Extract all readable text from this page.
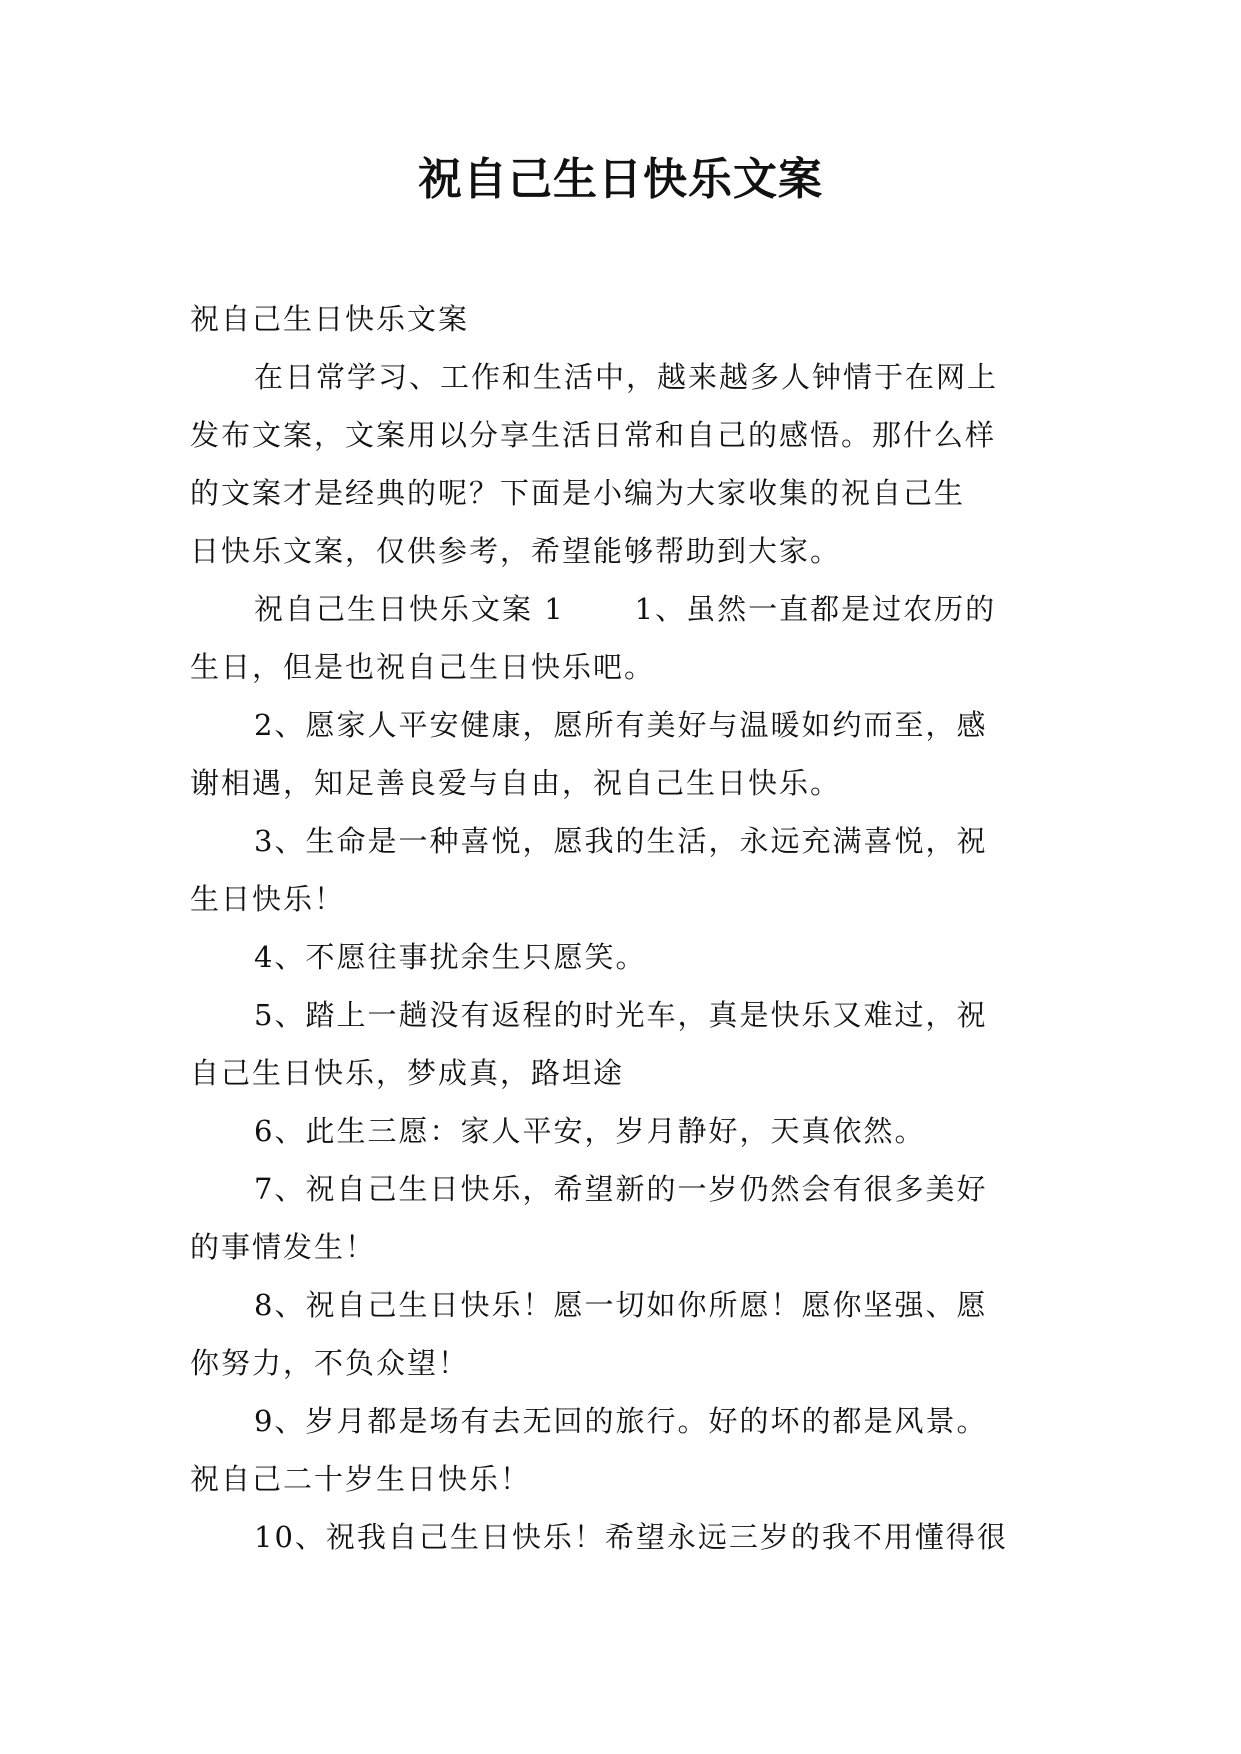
祝自己生日快乐文案

祝自己生日快乐文案

在日常学习、工作和生活中，越来越多人钟情于在网上

发布文案，文案用以分享生活日常和自己的感悟。那什么样

的文案才是经典的呢？下面是小编为大家收集的祝自己生

日快乐文案，仅供参考，希望能够帮助到大家。

祝自己生日快乐文案 1 1、虽然一直都是过农历的

生日，但是也祝自己生日快乐吧。

2、愿家人平安健康，愿所有美好与温暖如约而至，感

谢相遇，知足善良爱与自由，祝自己生日快乐。

3、生命是一种喜悦，愿我的生活，永远充满喜悦，祝

生日快乐！

4、不愿往事扰余生只愿笑。

5、踏上一趟没有返程的时光车，真是快乐又难过，祝

自己生日快乐，梦成真，路坦途

6、此生三愿：家人平安，岁月静好，天真依然。

7、祝自己生日快乐，希望新的一岁仍然会有很多美好

的事情发生！

8、祝自己生日快乐！愿一切如你所愿！愿你坚强、愿

你努力，不负众望！

9、岁月都是场有去无回的旅行。好的坏的都是风景。

祝自己二十岁生日快乐！

10、祝我自己生日快乐！希望永远三岁的我不用懂得很
